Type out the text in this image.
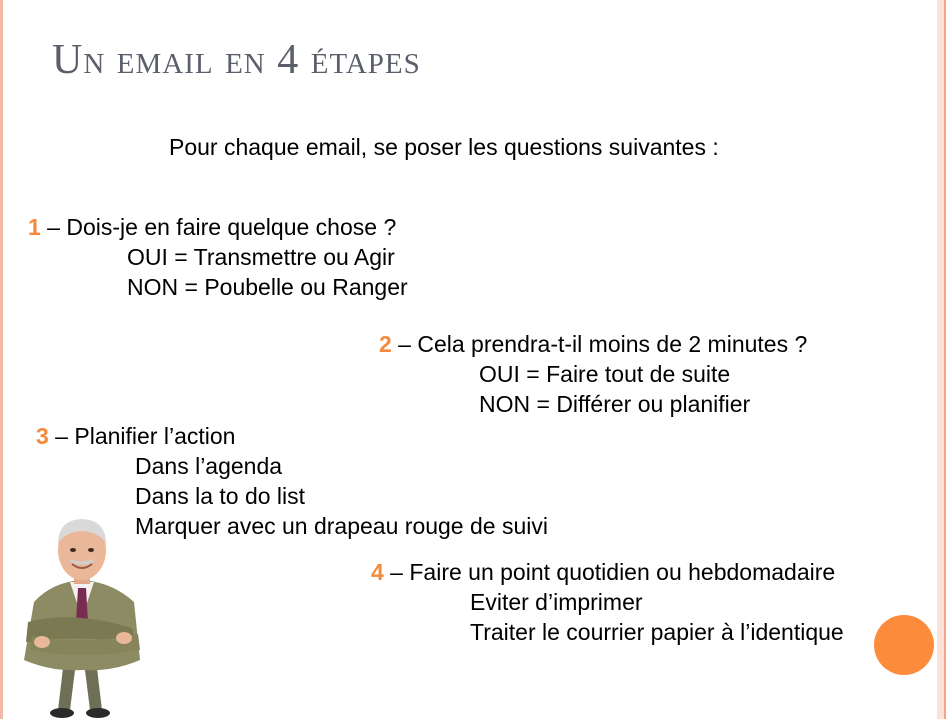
Un email en 4 étapes

Pour chaque email, se poser les questions suivantes :

1 – Dois-je en faire quelque chose ?

OUI = Transmettre ou Agir

NON = Poubelle ou Ranger

2 – Cela prendra-t-il moins de 2 minutes ?

OUI = Faire tout de suite

NON = Différer ou planifier

3 – Planifier l’action

Dans l’agenda

Dans la to do list

Marquer avec un drapeau rouge de suivi

4 – Faire un point quotidien ou hebdomadaire

Eviter d’imprimer

Traiter le courrier papier à l’identique
